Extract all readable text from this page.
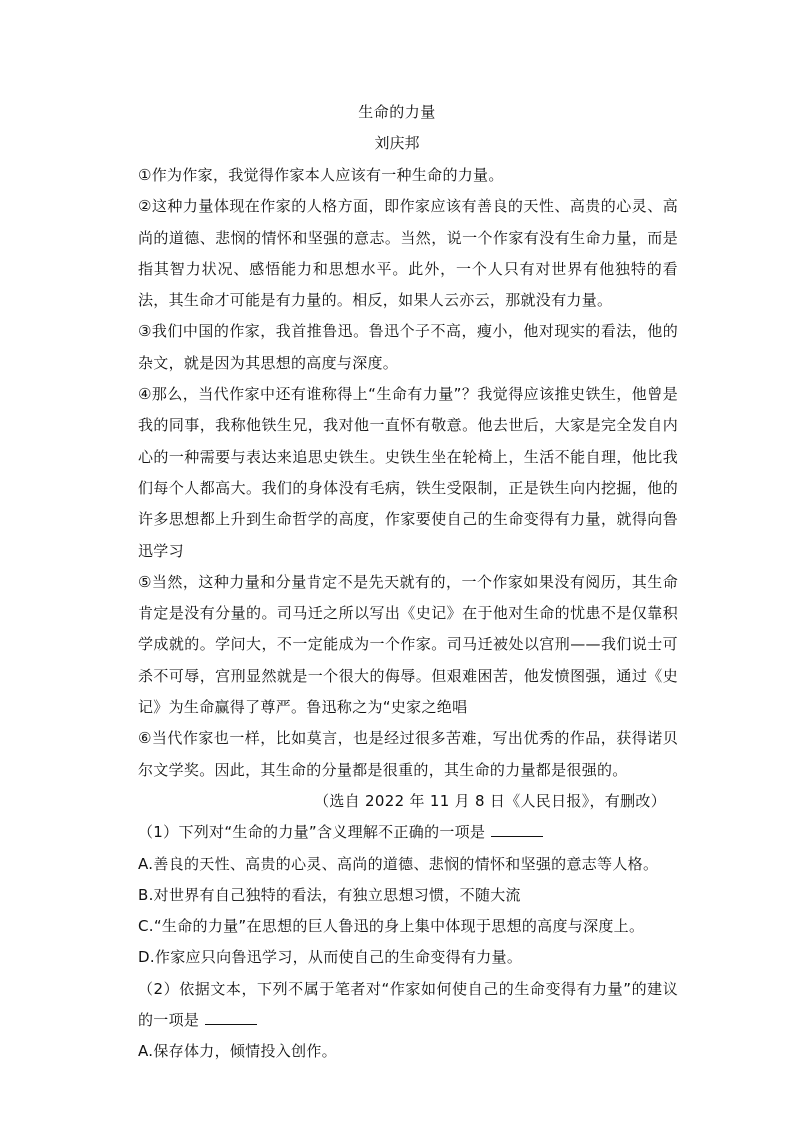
生命的力量
刘庆邦

①作为作家，我觉得作家本人应该有一种生命的力量。

②这种力量体现在作家的人格方面，即作家应该有善良的天性、高贵的心灵、高尚的道德、悲悯的情怀和坚强的意志。当然，说一个作家有没有生命力量，而是指其智力状况、感悟能力和思想水平。此外，一个人只有对世界有他独特的看法，其生命才可能是有力量的。相反，如果人云亦云，那就没有力量。

③我们中国的作家，我首推鲁迅。鲁迅个子不高，瘦小，他对现实的看法，他的杂文，就是因为其思想的高度与深度。

④那么，当代作家中还有谁称得上“生命有力量”？我觉得应该推史铁生，他曾是我的同事，我称他铁生兄，我对他一直怀有敬意。他去世后，大家是完全发自内心的一种需要与表达来追思史铁生。史铁生坐在轮椅上，生活不能自理，他比我们每个人都高大。我们的身体没有毛病，铁生受限制，正是铁生向内挖掘，他的许多思想都上升到生命哲学的高度，作家要使自己的生命变得有力量，就得向鲁迅学习

⑤当然，这种力量和分量肯定不是先天就有的，一个作家如果没有阅历，其生命肯定是没有分量的。司马迁之所以写出《史记》在于他对生命的忧患不是仅靠积学成就的。学问大，不一定能成为一个作家。司马迁被处以宫刑——我们说士可杀不可辱，宫刑显然就是一个很大的侮辱。但艰难困苦，他发愤图强，通过《史记》为生命赢得了尊严。鲁迅称之为“史家之绝唱

⑥当代作家也一样，比如莫言，也是经过很多苦难，写出优秀的作品，获得诺贝尔文学奖。因此，其生命的分量都是很重的，其生命的力量都是很强的。

（选自 2022 年 11 月 8 日《人民日报》，有删改）

（1）下列对“生命的力量”含义理解不正确的一项是

A.善良的天性、高贵的心灵、高尚的道德、悲悯的情怀和坚强的意志等人格。

B.对世界有自己独特的看法，有独立思想习惯，不随大流

C.“生命的力量”在思想的巨人鲁迅的身上集中体现于思想的高度与深度上。

D.作家应只向鲁迅学习，从而使自己的生命变得有力量。

（2）依据文本，下列不属于笔者对“作家如何使自己的生命变得有力量”的建议的一项是

A.保存体力，倾情投入创作。
